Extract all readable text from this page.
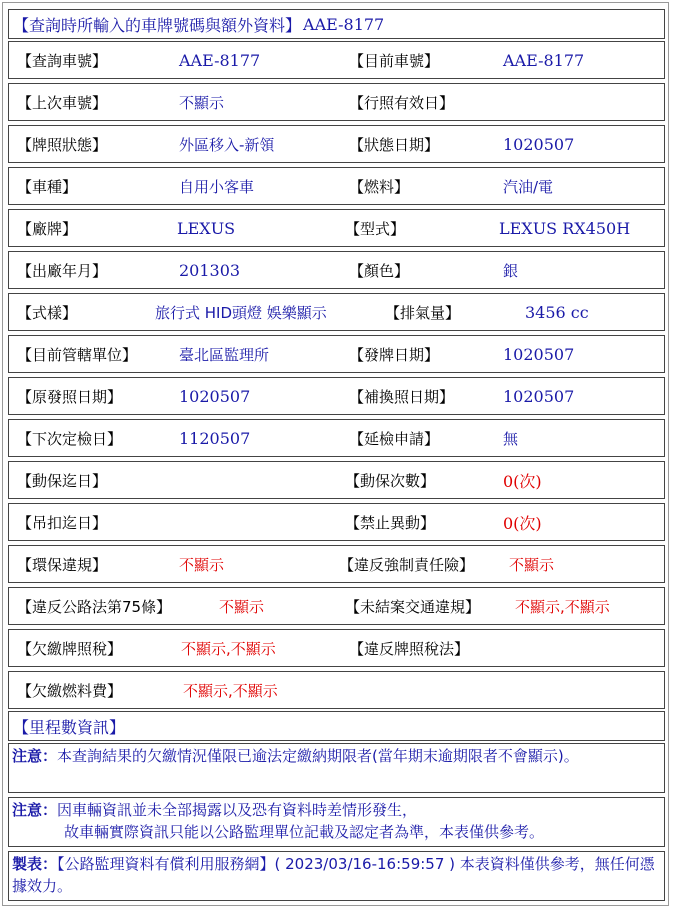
【查詢時所輸入的車牌號碼與額外資料】 AAE-8177
【查詢車號】	AAE-8177	【目前車號】	AAE-8177
【上次車號】	不顯示	【行照有效日】
【牌照狀態】	外區移入-新領	【狀態日期】	1020507
【車種】	自用小客車	【燃料】	汽油/電
【廠牌】	LEXUS	【型式】	LEXUS RX450H
【出廠年月】	201303	【顏色】	銀
【式樣】	旅行式 HID頭燈 娛樂顯示	【排氣量】	3456 cc
【目前管轄單位】	臺北區監理所	【發牌日期】	1020507
【原發照日期】	1020507	【補換照日期】	1020507
【下次定檢日】	1120507	【延檢申請】	無
【動保迄日】	【動保次數】	0(次)
【吊扣迄日】	【禁止異動】	0(次)
【環保違規】	不顯示	【違反強制責任險】 不顯示
【違反公路法第75條】	不顯示	【未結案交通違規】 不顯示,不顯示
【欠繳牌照稅】	不顯示,不顯示	【違反牌照稅法】
【欠繳燃料費】	不顯示,不顯示
【里程數資訊】
注意：本查詢結果的欠繳情況僅限已逾法定繳納期限者(當年期末逾期限者不會顯示)。
注意：因車輛資訊並未全部揭露以及恐有資料時差情形發生，
故車輛實際資訊只能以公路監理單位記載及認定者為準，本表僅供參考。
製表：【公路監理資料有償利用服務網】( 2023/03/16-16:59:57 ) 本表資料僅供參考，無任何憑據效力。
